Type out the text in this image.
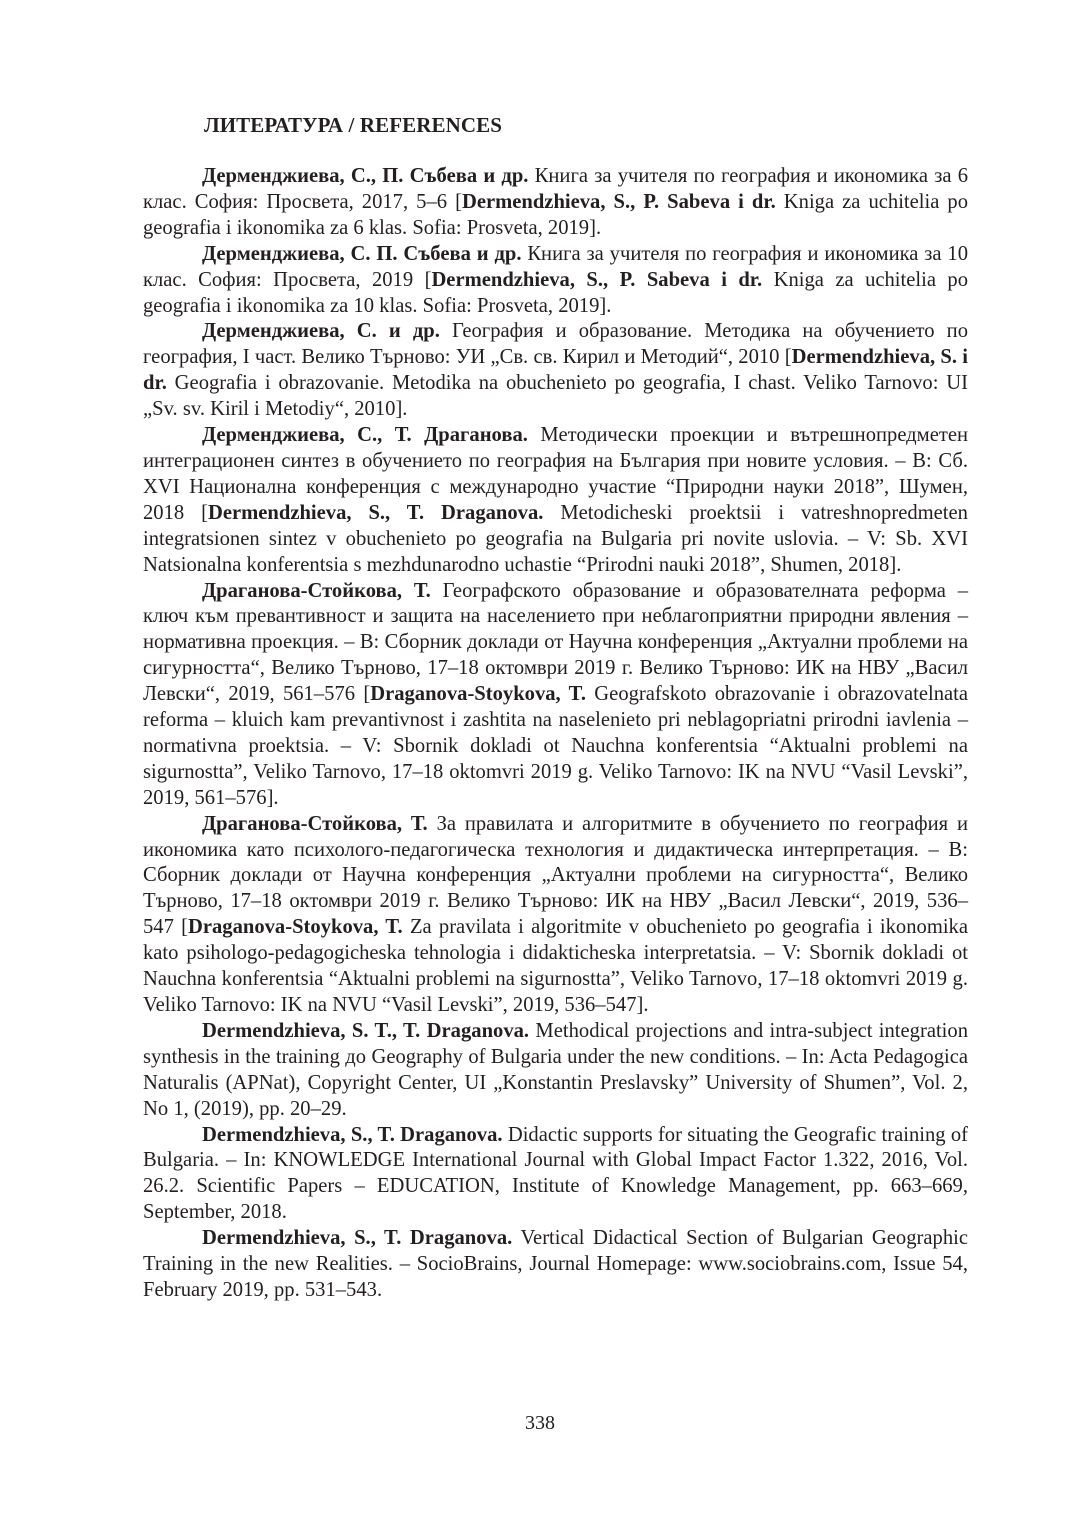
ЛИТЕРАТУРА / REFERENCES

Дерменджиева, С., П. Събева и др. Книга за учителя по география и икономика за 6 клас. София: Просвета, 2017, 5–6 [Dermendzhieva, S., P. Sabeva i dr. Kniga za uchitelia po geografia i ikonomika za 6 klas. Sofia: Prosveta, 2019].

Дерменджиева, С. П. Събева и др. Книга за учителя по география и икономика за 10 клас. София: Просвета, 2019 [Dermendzhieva, S., P. Sabeva i dr. Kniga za uchitelia po geografia i ikonomika za 10 klas. Sofia: Prosveta, 2019].

Дерменджиева, С. и др. География и образование. Методика на обучението по география, I част. Велико Търново: УИ „Св. св. Кирил и Методий“, 2010 [Dermendzhieva, S. i dr. Geografia i obrazovanie. Metodika na obuchenieto po geografia, I chast. Veliko Tarnovo: UI „Sv. sv. Kiril i Metodiy“, 2010].

Дерменджиева, С., Т. Драганова. Методически проекции и вътрешнопредметен интеграционен синтез в обучението по география на България при новите условия. – В: Сб. XVI Национална конференция с международно участие “Природни науки 2018”, Шумен, 2018 [Dermendzhieva, S., T. Draganova. Metodicheski proektsii i vatreshnopredmeten integratsionen sintez v obuchenieto po geografia na Bulgaria pri novite uslovia. – V: Sb. XVI Natsionalna konferentsia s mezhdunarodno uchastie “Prirodni nauki 2018”, Shumen, 2018].

Драганова-Стойкова, Т. Географското образование и образователната реформа – ключ към превантивност и защита на населението при неблагоприятни природни явления – нормативна проекция. – В: Сборник доклади от Научна конференция „Актуални проблеми на сигурността“, Велико Търново, 17–18 октомври 2019 г. Велико Търново: ИК на НВУ „Васил Левски“, 2019, 561–576 [Draganova-Stoykova, T. Geografskoto obrazovanie i obrazovatelnata reforma – kluich kam prevantivnost i zashtita na naselenieto pri neblagopriatni prirodni iavlenia – normativna proektsia. – V: Sbornik dokladi ot Nauchna konferentsia “Aktualni problemi na sigurnostta”, Veliko Tarnovo, 17–18 oktomvri 2019 g. Veliko Tarnovo: IK na NVU “Vasil Levski”, 2019, 561–576].

Драганова-Стойкова, Т. За правилата и алгоритмите в обучението по география и икономика като психолого-педагогическа технология и дидактическа интерпретация. – В: Сборник доклади от Научна конференция „Актуални проблеми на сигурността“, Велико Търново, 17–18 октомври 2019 г. Велико Търново: ИК на НВУ „Васил Левски“, 2019, 536–547 [Draganova-Stoykova, T. Za pravilata i algoritmite v obuchenieto po geografia i ikonomika kato psihologo-pedagogicheska tehnologia i didakticheska interpretatsia. – V: Sbornik dokladi ot Nauchna konferentsia “Aktualni problemi na sigurnostta”, Veliko Tarnovo, 17–18 oktomvri 2019 g. Veliko Tarnovo: IK na NVU “Vasil Levski”, 2019, 536–547].

Dermendzhieva, S. T., T. Draganova. Methodical projections and intra-subject integration synthesis in the training до Geography of Bulgaria under the new conditions. – In: Acta Pedagogica Naturalis (APNat), Copyright Center, UI „Konstantin Preslavsky” University of Shumen”, Vol. 2, No 1, (2019), pp. 20–29.

Dermendzhieva, S., T. Draganova. Didactic supports for situating the Geografic training of Bulgaria. – In: KNOWLEDGE International Journal with Global Impact Factor 1.322, 2016, Vol. 26.2. Scientific Papers – EDUCATION, Institute of Knowledge Management, pp. 663–669, September, 2018.

Dermendzhieva, S., T. Draganova. Vertical Didactical Section of Bulgarian Geographic Training in the new Realities. – SocioBrains, Journal Homepage: www.​sociobrains.com, Issue 54, February 2019, pp. 531–543.

338
